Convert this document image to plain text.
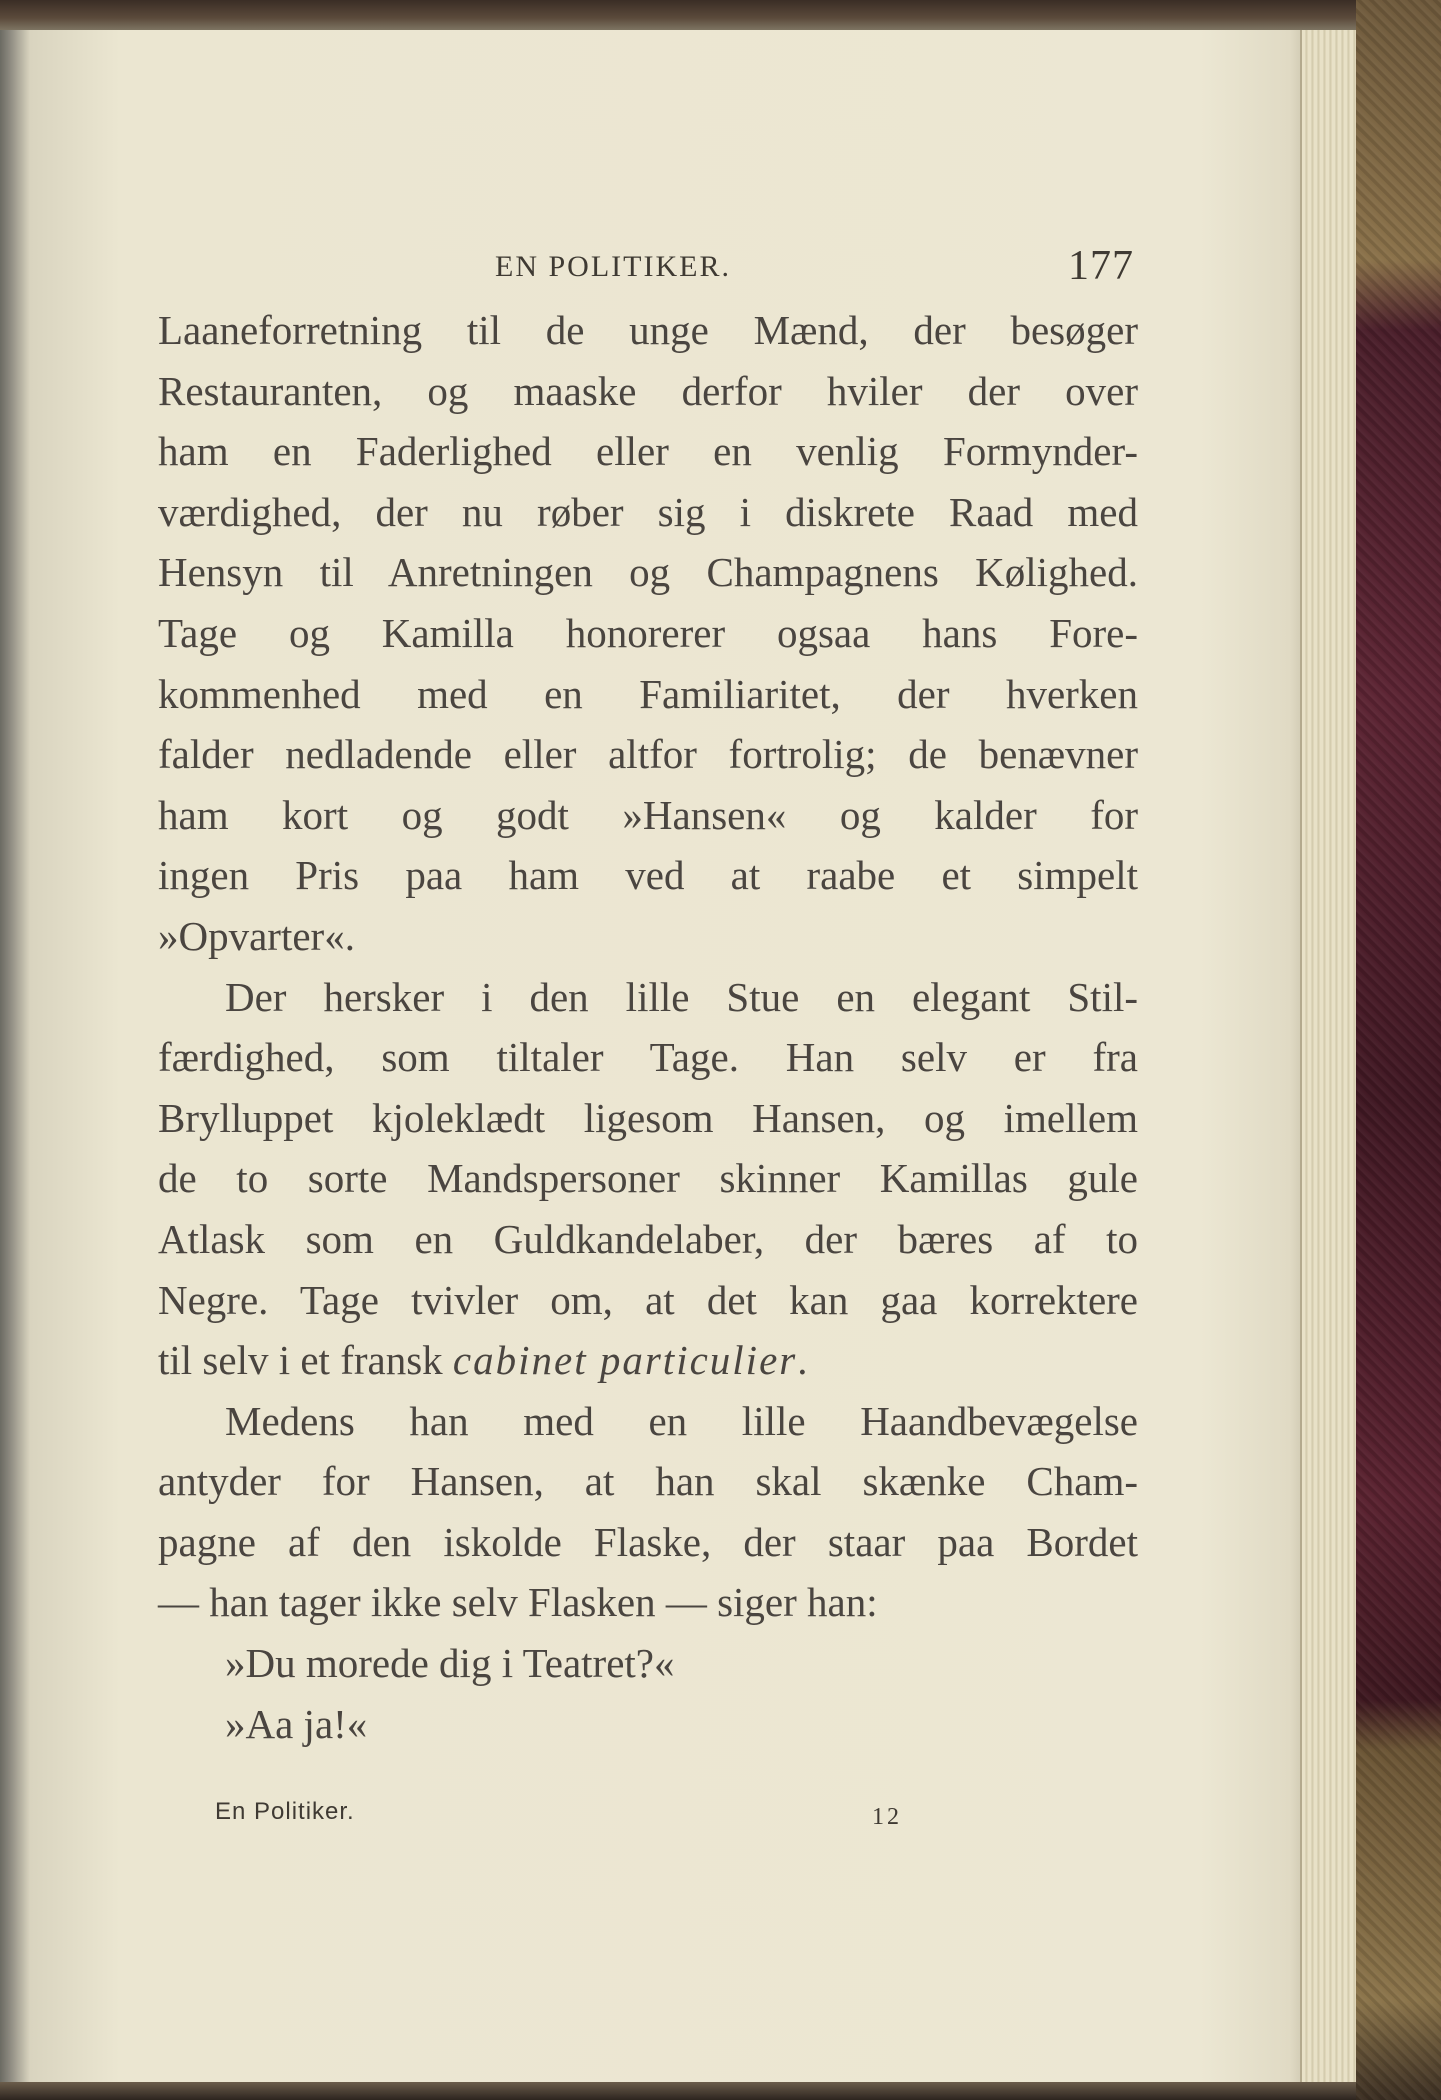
EN POLITIKER.	177
Laaneforretning til de unge Mænd, der besøger
Restauranten, og maaske derfor hviler der over
ham en Faderlighed eller en venlig Formynder-
værdighed, der nu røber sig i diskrete Raad med
Hensyn til Anretningen og Champagnens Kølighed.
Tage og Kamilla honorerer ogsaa hans Fore-
kommenhed med en Familiaritet, der hverken
falder nedladende eller altfor fortrolig; de benævner
ham kort og godt »Hansen« og kalder for
ingen Pris paa ham ved at raabe et simpelt
»Opvarter«.
Der hersker i den lille Stue en elegant Stil-
færdighed, som tiltaler Tage. Han selv er fra
Brylluppet kjoleklædt ligesom Hansen, og imellem
de to sorte Mandspersoner skinner Kamillas gule
Atlask som en Guldkandelaber, der bæres af to
Negre. Tage tvivler om, at det kan gaa korrektere
til selv i et fransk cabinet particulier.
Medens han med en lille Haandbevægelse
antyder for Hansen, at han skal skænke Cham-
pagne af den iskolde Flaske, der staar paa Bordet
— han tager ikke selv Flasken — siger han:
»Du morede dig i Teatret?«
»Aa ja!«
En Politiker.	12
